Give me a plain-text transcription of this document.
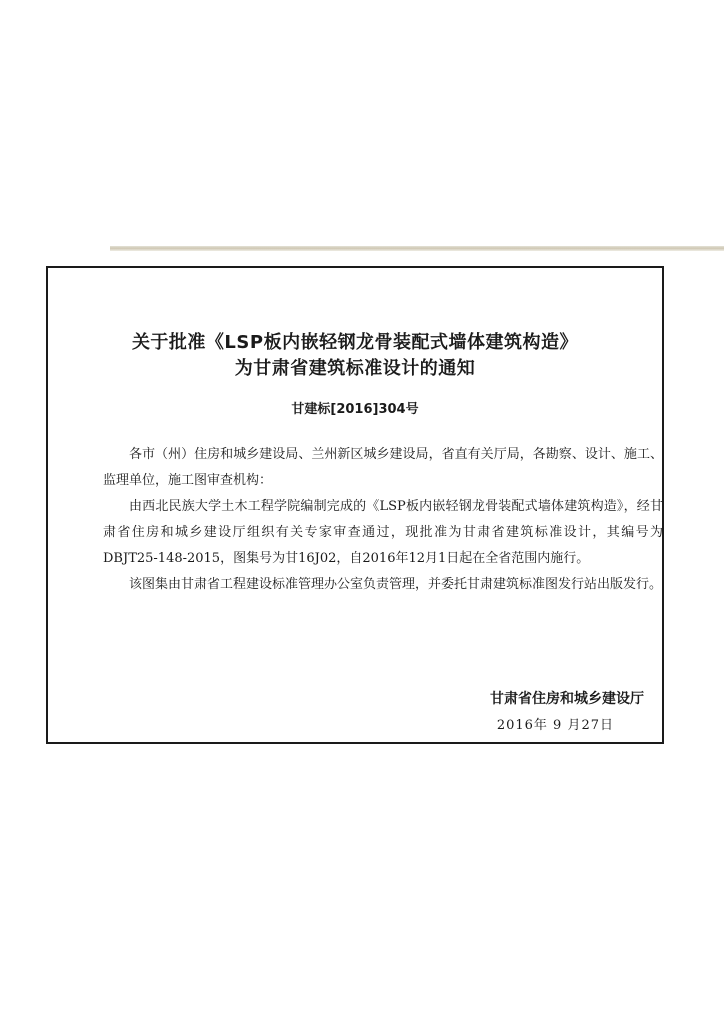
关于批准《LSP板内嵌轻钢龙骨装配式墙体建筑构造》
为甘肃省建筑标准设计的通知
甘建标[2016]304号

各市（州）住房和城乡建设局、兰州新区城乡建设局，省直有关厅局，各勘察、设计、施工、监理单位，施工图审查机构：

由西北民族大学土木工程学院编制完成的《LSP板内嵌轻钢龙骨装配式墙体建筑构造》，经甘肃省住房和城乡建设厅组织有关专家审查通过，现批准为甘肃省建筑标准设计，其编号为DBJT25-148-2015，图集号为甘16J02，自2016年12月1日起在全省范围内施行。

该图集由甘肃省工程建设标准管理办公室负责管理，并委托甘肃建筑标准图发行站出版发行。

甘肃省住房和城乡建设厅
2016年 9 月27日
